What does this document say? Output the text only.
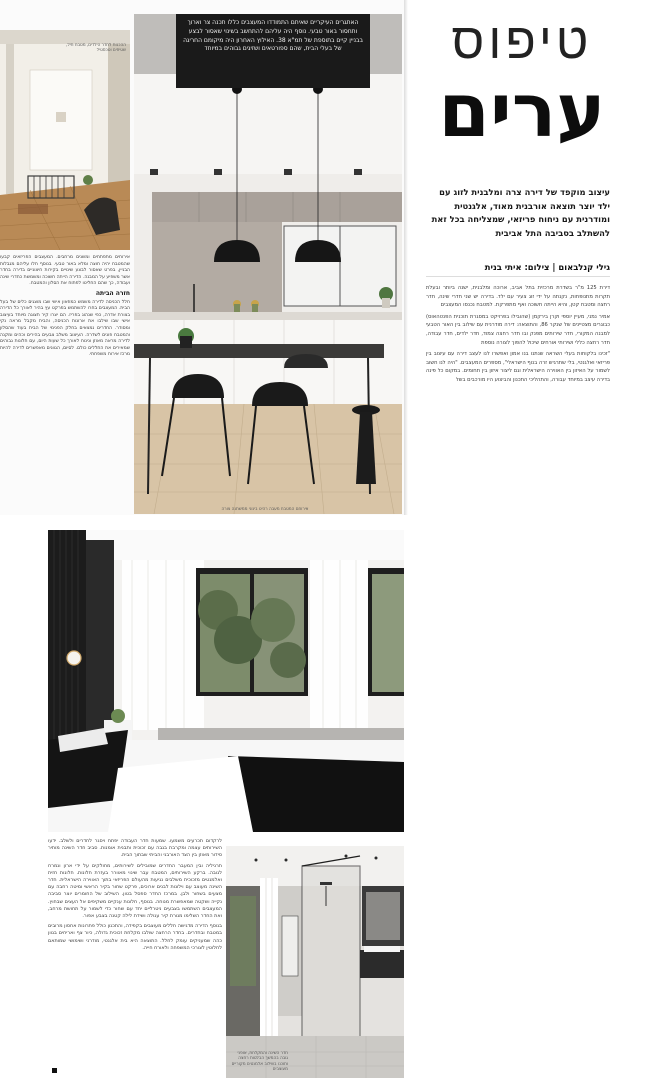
ההכנות לחדר הילדים, מטבח תיל, שטיחים וטכסטיל
אירוחם המטבח מעבה רהיט בינוני ממשתנה צורה
האתגרים העיקריים שאיתם התמודדו המעצבים כללו תכנה צר וארוך ותחסור באור טבעי. נוסף היה עליהם להתחשב בשינוי שאסור לבצע בבניין קיים בתוספת של תמ"א 38. האילוץ האחרון היה מיקומם החריגה של בעלי הבית, שהם ספורטאים ושזיגים גבוהים במיוחד

אירוחים מתפתחים ומשנים מרחבים. המעצבים הפריזאים קבעו שהמטבח יהיה חוצה ומלא באור טבעי. בנוסף חלו עליהם מגבלות הבניין, בפרט שאסור לבצע שינויים בקירות חיצוניים בדירה בחדר אשר משפיע על המבנה. הדירה הייתה חשוכה ומשמשת כחדרי שינה ועבודה, כך שהם החליטו לפתוח את הסלון והמטבח.

חזרה הביתה

חלל הכניסה לדירה משמש כמוזאון אישי שבו מוצגים כלים של בעל הבית. המעצבים בחרו להשתמש בפרקט עץ בהיר לאורך כל הדירה בצורת אדרה, כפי שנהוג בפריז. הם יצרו קיר תצוגה מיוחד בעיצוב אישי שבו שילבו את ארונות הכניסה, והבית מקבל מראה נקי ומסודר. החדרים נמצאים בחלק הפנימי של הבית בעוד שהסלון והמטבח פונים לשדרה. העיצוב משלב צבעים בהירים וכהים ומקנה לדירה מראה מאוזן ונינוח לאורך כל שעות היום, עם חלונות גבוהים שמאירים את החללים כולם. לסיום, הגוונים מאפשרים לדירה להיות מרכז אירוח משפחתי.

טיפוס
ערים
עיצוב מוקפד של דירה צרה ומלבנית לזוג עם ילד יוצר תוצאה אורבנית מאוד, אלגנטית ומודרנית עם ניחוח פריזאי, שמצליחה בכל זאת להשתלב בסביבה התל אביבית
גילי קנלבאום | צילום: איתי בנית

דירת 125 מ"ר בשדרת מרכזית בתל אביב, ארוכה ומלבנית, ישנה ביותר ובעלת תקרות מתנופחות, נקנתה על ידי זוג צעיר עם ילד. בדירה יש שני חדרי שינה, חדר רחצה ומטבח קטן, והיא הייתה חשוכה ואף מתפרקת. למטבח נכנסו המעצבים

אמיר נמני, מעיין יוספי וקרן בירקמן (שהובילו בפרויקט במסגרת תוכנית הפנטהאוס) כבוגרים מצטיינים של שנקר 86, והתוצאה: דירה מודרנית עם שילוב בין האור הטבעי למבנה המקורי, חדר שירותים מפנק ובו חדר רחצה צמוד, חדר ילדים, חדר עבודה, חדר רחצה כללי ושירותי אורחים שיכול להפוך לצורה נוספת

"זכינו בלקוחות בעלי השראה שנתנו בנו אמון ואפשרו לנו לעצב דירה עם עיצוב בין פריזאי ואלגנטי, בלי שתרגיש זרה בנוף הישראלי", מספרים המעצבים. "היה לנו חשוב לשמור על האיזון בין האווירה הישראלית וגם ליצור איזון בין תחומים. במקום כל פינה בדירה עיצב במיוחד עבורה, והתהליכי התכנון והביצוע היו מורכבים בשל

חדר השינה והמקלחת, אופני גובה בהמשך הבלטות רחצה ותוכנו בשילוב אלמנטים מקוריים מעוצבים

לרקדום תכרעים משמעו. שמעות חדר העבודה יפתח ויסגר לחדרים ולשלב. ידעו השירותים עצמה ומקרבת בגבה עם זכוכית ותבנית אומנות. סביב חדר השינה מותיר סידור מאוזן בין הצד האורבני והביתי שבתוך הבית.

תרגיליה ובין המעבר החדרים שמובילים לשירותים, מחולקים על ידי ארון ונמרח לגובה. ברקע השירותים, המטבח עבר שינוי מאוורר בעזרת חלונות. חלונות חזית ואלמנטים מזכוכית משלבים נגיעות מהעולם הפריזאי בתוך האווירה הישראלית. חדר השינה מעוצב עם וילונות לבנים ארוכים, פרקט שחור בקיר הראשי ומיטה רחבה עם מצעים בשחור ולבן. במרכז החדר ספסל בטון. השילוב של החומרים יוצר סביבה נקייה ושקטה שמאפשרת מנוחה. בנוסף, חלונות ענקיים משקיפים אל העצים שבחוץ. המעצבים השתמשו בצבעים ניטרליים יחד עם שחור כדי לשמור על תחושת מרחב, ואת החדר השלימו מנורת קיר עגולה ושידת לילה קטנה בצבע אפור.

בנוסף הדירה מדגישה חללים מעוצבים בקפידה, והתכנון כולל פתרונות אחסון מרובים במטבח ובחדרים. בחדר הרחצה שולבו מקלחת זכוכית גדולה, כיור צף ואריחים בגוון כהה שמעניקים עומק לחלל. התוצאה היא בית אלגנטי, מודרני ושימושי שמותאם לחלוטין לצורכי המשפחה ולאורח חייה.
